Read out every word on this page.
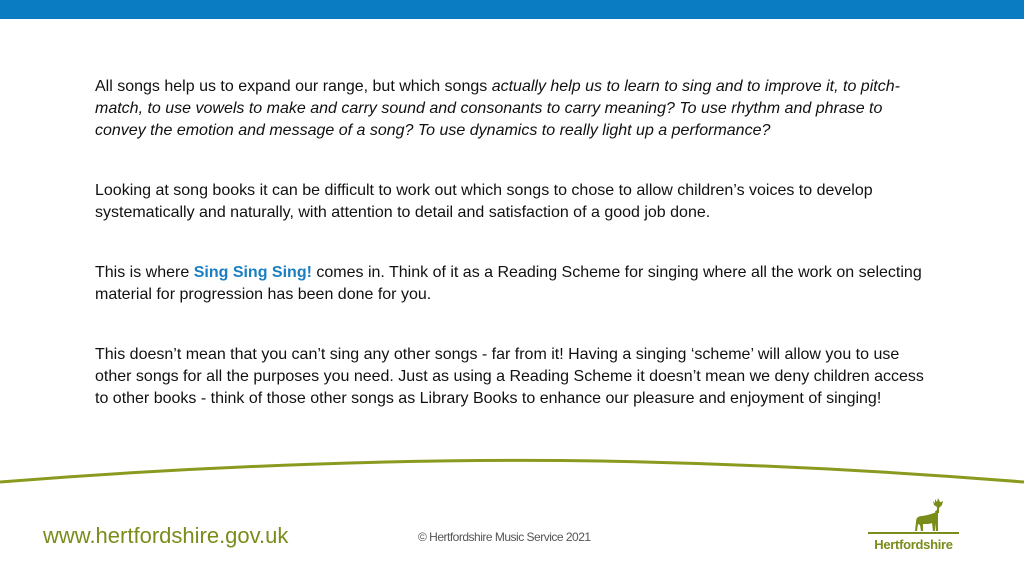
All songs help us to expand our range, but which songs actually help us to learn to sing and to improve it, to pitch-match, to use vowels to make and carry sound and consonants to carry meaning? To use rhythm and phrase to convey the emotion and message of a song? To use dynamics to really light up a performance?

Looking at song books it can be difficult to work out which songs to chose to allow children’s voices to develop systematically and naturally, with attention to detail and satisfaction of a good job done.

This is where Sing Sing Sing! comes in. Think of it as a Reading Scheme for singing where all the work on selecting material for progression has been done for you.

This doesn’t mean that you can’t sing any other songs - far from it! Having a singing ‘scheme’ will allow you to use other songs for all the purposes you need. Just as using a Reading Scheme it doesn’t mean we deny children access to other books - think of those other songs as Library Books to enhance our pleasure and enjoyment of singing!

www.hertfordshire.gov.uk	© Hertfordshire Music Service 2021	Hertfordshire
